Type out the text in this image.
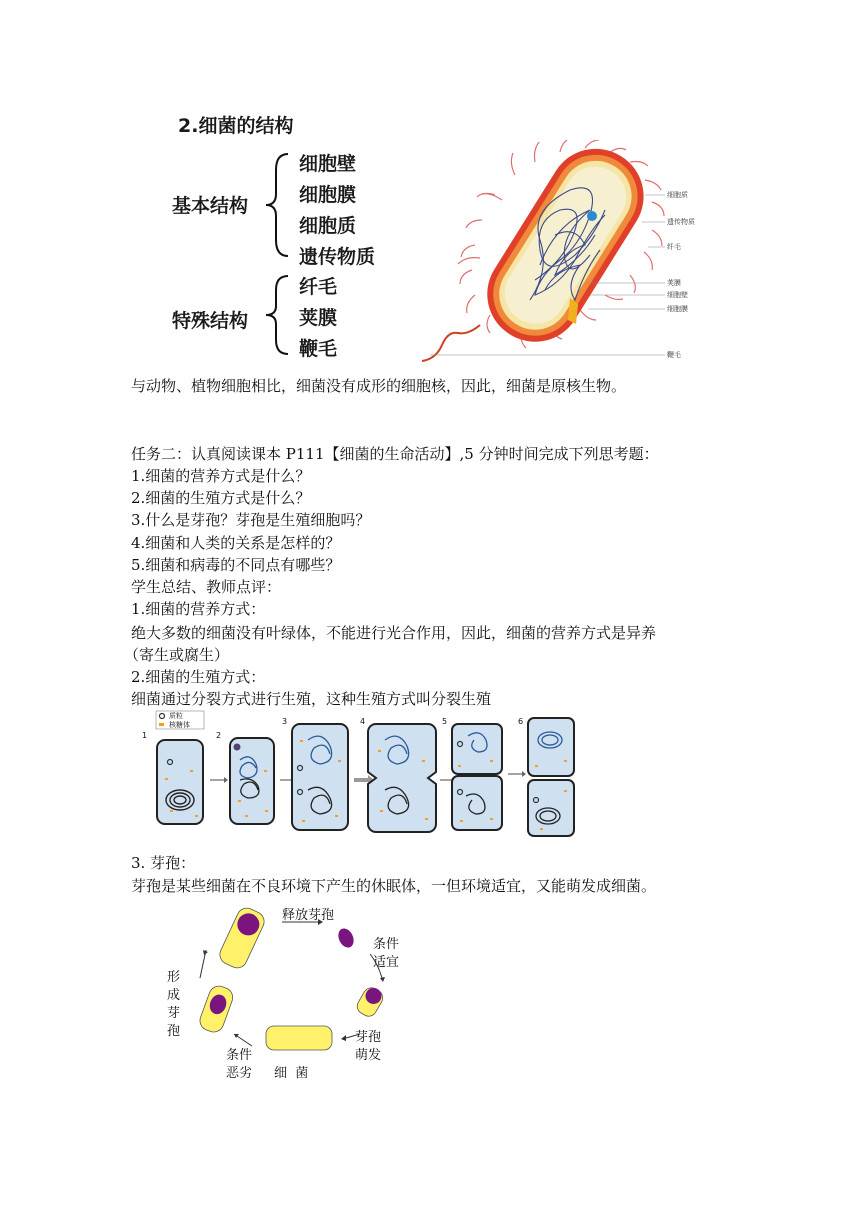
2.细菌的结构
基本结构
细胞壁
细胞膜
细胞质
遗传物质
特殊结构
纤毛
荚膜
鞭毛
细胞质
遗传物质
纤毛
荚膜
细胞壁
细胞膜
鞭毛
与动物、植物细胞相比，细菌没有成形的细胞核，因此，细菌是原核生物。
任务二：认真阅读课本 P111【细菌的生命活动】,5 分钟时间完成下列思考题：
1.细菌的营养方式是什么？
2.细菌的生殖方式是什么？
3.什么是芽孢？芽孢是生殖细胞吗？
4.细菌和人类的关系是怎样的？
5.细菌和病毒的不同点有哪些？
学生总结、教师点评：
1.细菌的营养方式：
绝大多数的细菌没有叶绿体，不能进行光合作用，因此，细菌的营养方式是异养
（寄生或腐生）
2.细菌的生殖方式：
细菌通过分裂方式进行生殖，这种生殖方式叫分裂生殖
质粒
核糖体
1	2
3	4	5	6
3. 芽孢：
芽孢是某些细菌在不良环境下产生的休眠体，一但环境适宜，又能萌发成细菌。
释放芽孢
条件
适宜
芽孢
萌发
细  菌
条件
恶劣
形
成
芽
孢
